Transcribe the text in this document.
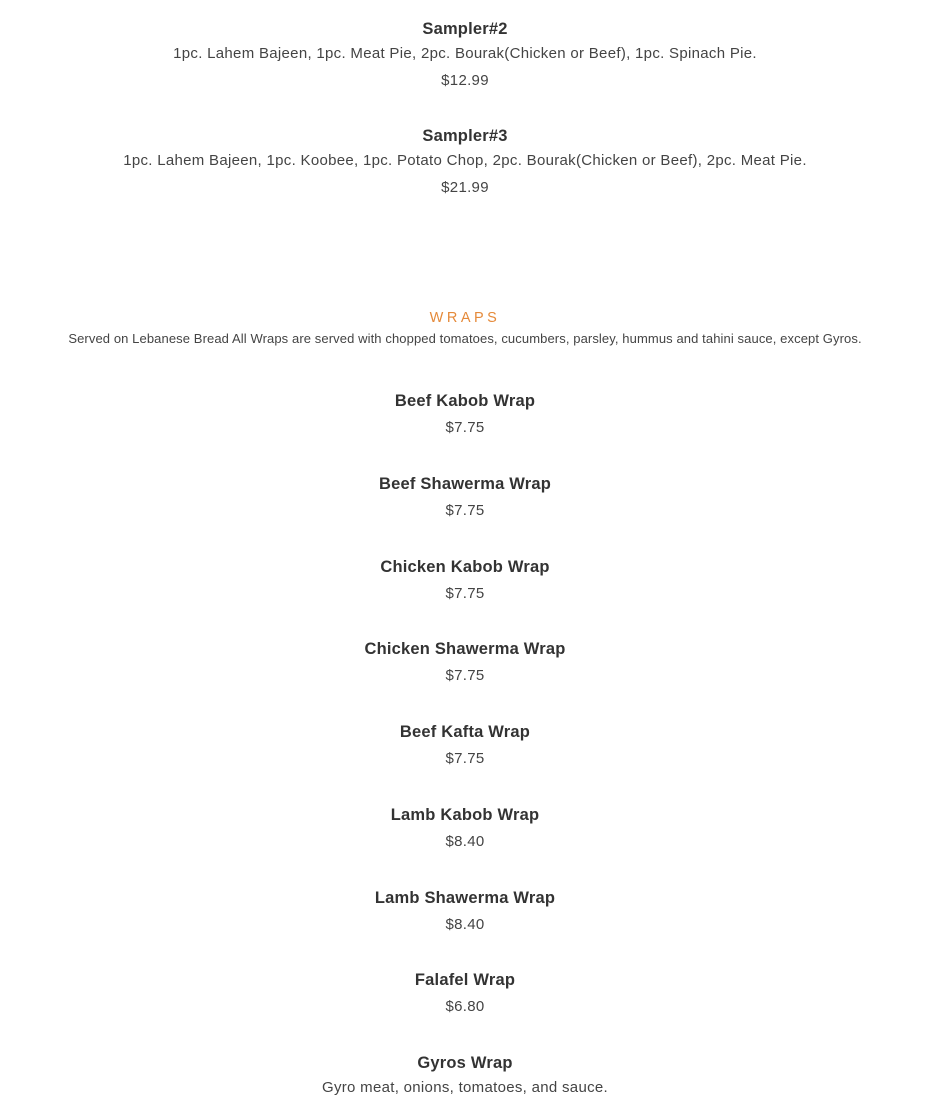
Sampler#2
1pc. Lahem Bajeen, 1pc. Meat Pie, 2pc. Bourak(Chicken or Beef), 1pc. Spinach Pie.
$12.99
Sampler#3
1pc. Lahem Bajeen, 1pc. Koobee, 1pc. Potato Chop, 2pc. Bourak(Chicken or Beef), 2pc. Meat Pie.
$21.99
WRAPS
Served on Lebanese Bread All Wraps are served with chopped tomatoes, cucumbers, parsley, hummus and tahini sauce, except Gyros.
Beef Kabob Wrap
$7.75
Beef Shawerma Wrap
$7.75
Chicken Kabob Wrap
$7.75
Chicken Shawerma Wrap
$7.75
Beef Kafta Wrap
$7.75
Lamb Kabob Wrap
$8.40
Lamb Shawerma Wrap
$8.40
Falafel Wrap
$6.80
Gyros Wrap
Gyro meat, onions, tomatoes, and sauce.
